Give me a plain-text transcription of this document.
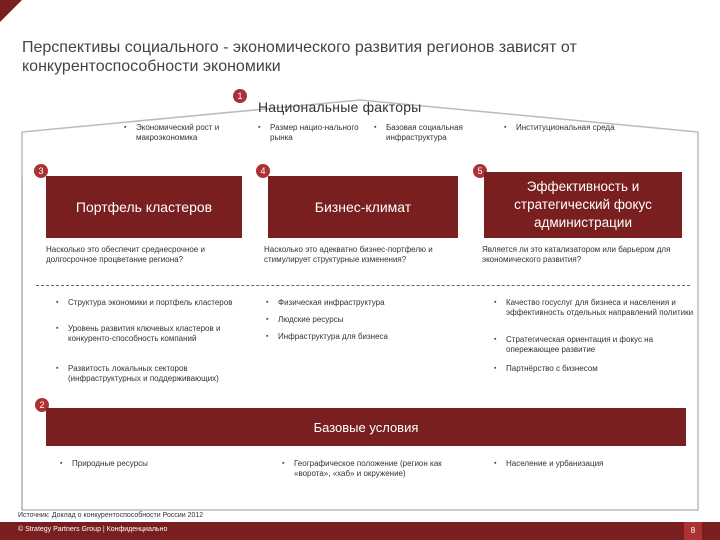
Перспективы социального - экономического развития регионов зависят от конкурентоспособности экономики
1
Национальные факторы
▪ Экономический рост и макроэкономика
▪ Размер нацио-нального рынка
▪ Базовая социальная инфраструктура
▪ Институциональная среда
3	4	5
Портфель кластеров	Бизнес-климат
Эффективность и стратегический фокус администрации
Насколько это обеспечит среднесрочное и долгосрочное процветание региона?
Насколько это адекватно бизнес-портфелю и стимулирует структурные изменения?
Является ли это катализатором или барьером для экономического развития?
▪ Структура экономики и портфель кластеров
▪ Уровень развития ключевых кластеров и конкуренто-способность компаний
▪ Развитость локальных секторов (инфраструктурных и поддерживающих)
▪ Физическая инфраструктура
▪ Людские ресурсы
▪ Инфраструктура для бизнеса
▪ Качество госуслуг для бизнеса и населения и эффективность отдельных направлений политики
▪ Стратегическая ориентация и фокус на опережающее развитие
▪ Партнёрство с бизнесом
2
Базовые условия
▪ Природные ресурсы
▪	Географическое положение (регион как «ворота», «хаб» и окружение)
▪ Население и урбанизация
Источник: Доклад о конкурентоспособности России 2012
© Strategy Partners Group | Конфиденциально	8
